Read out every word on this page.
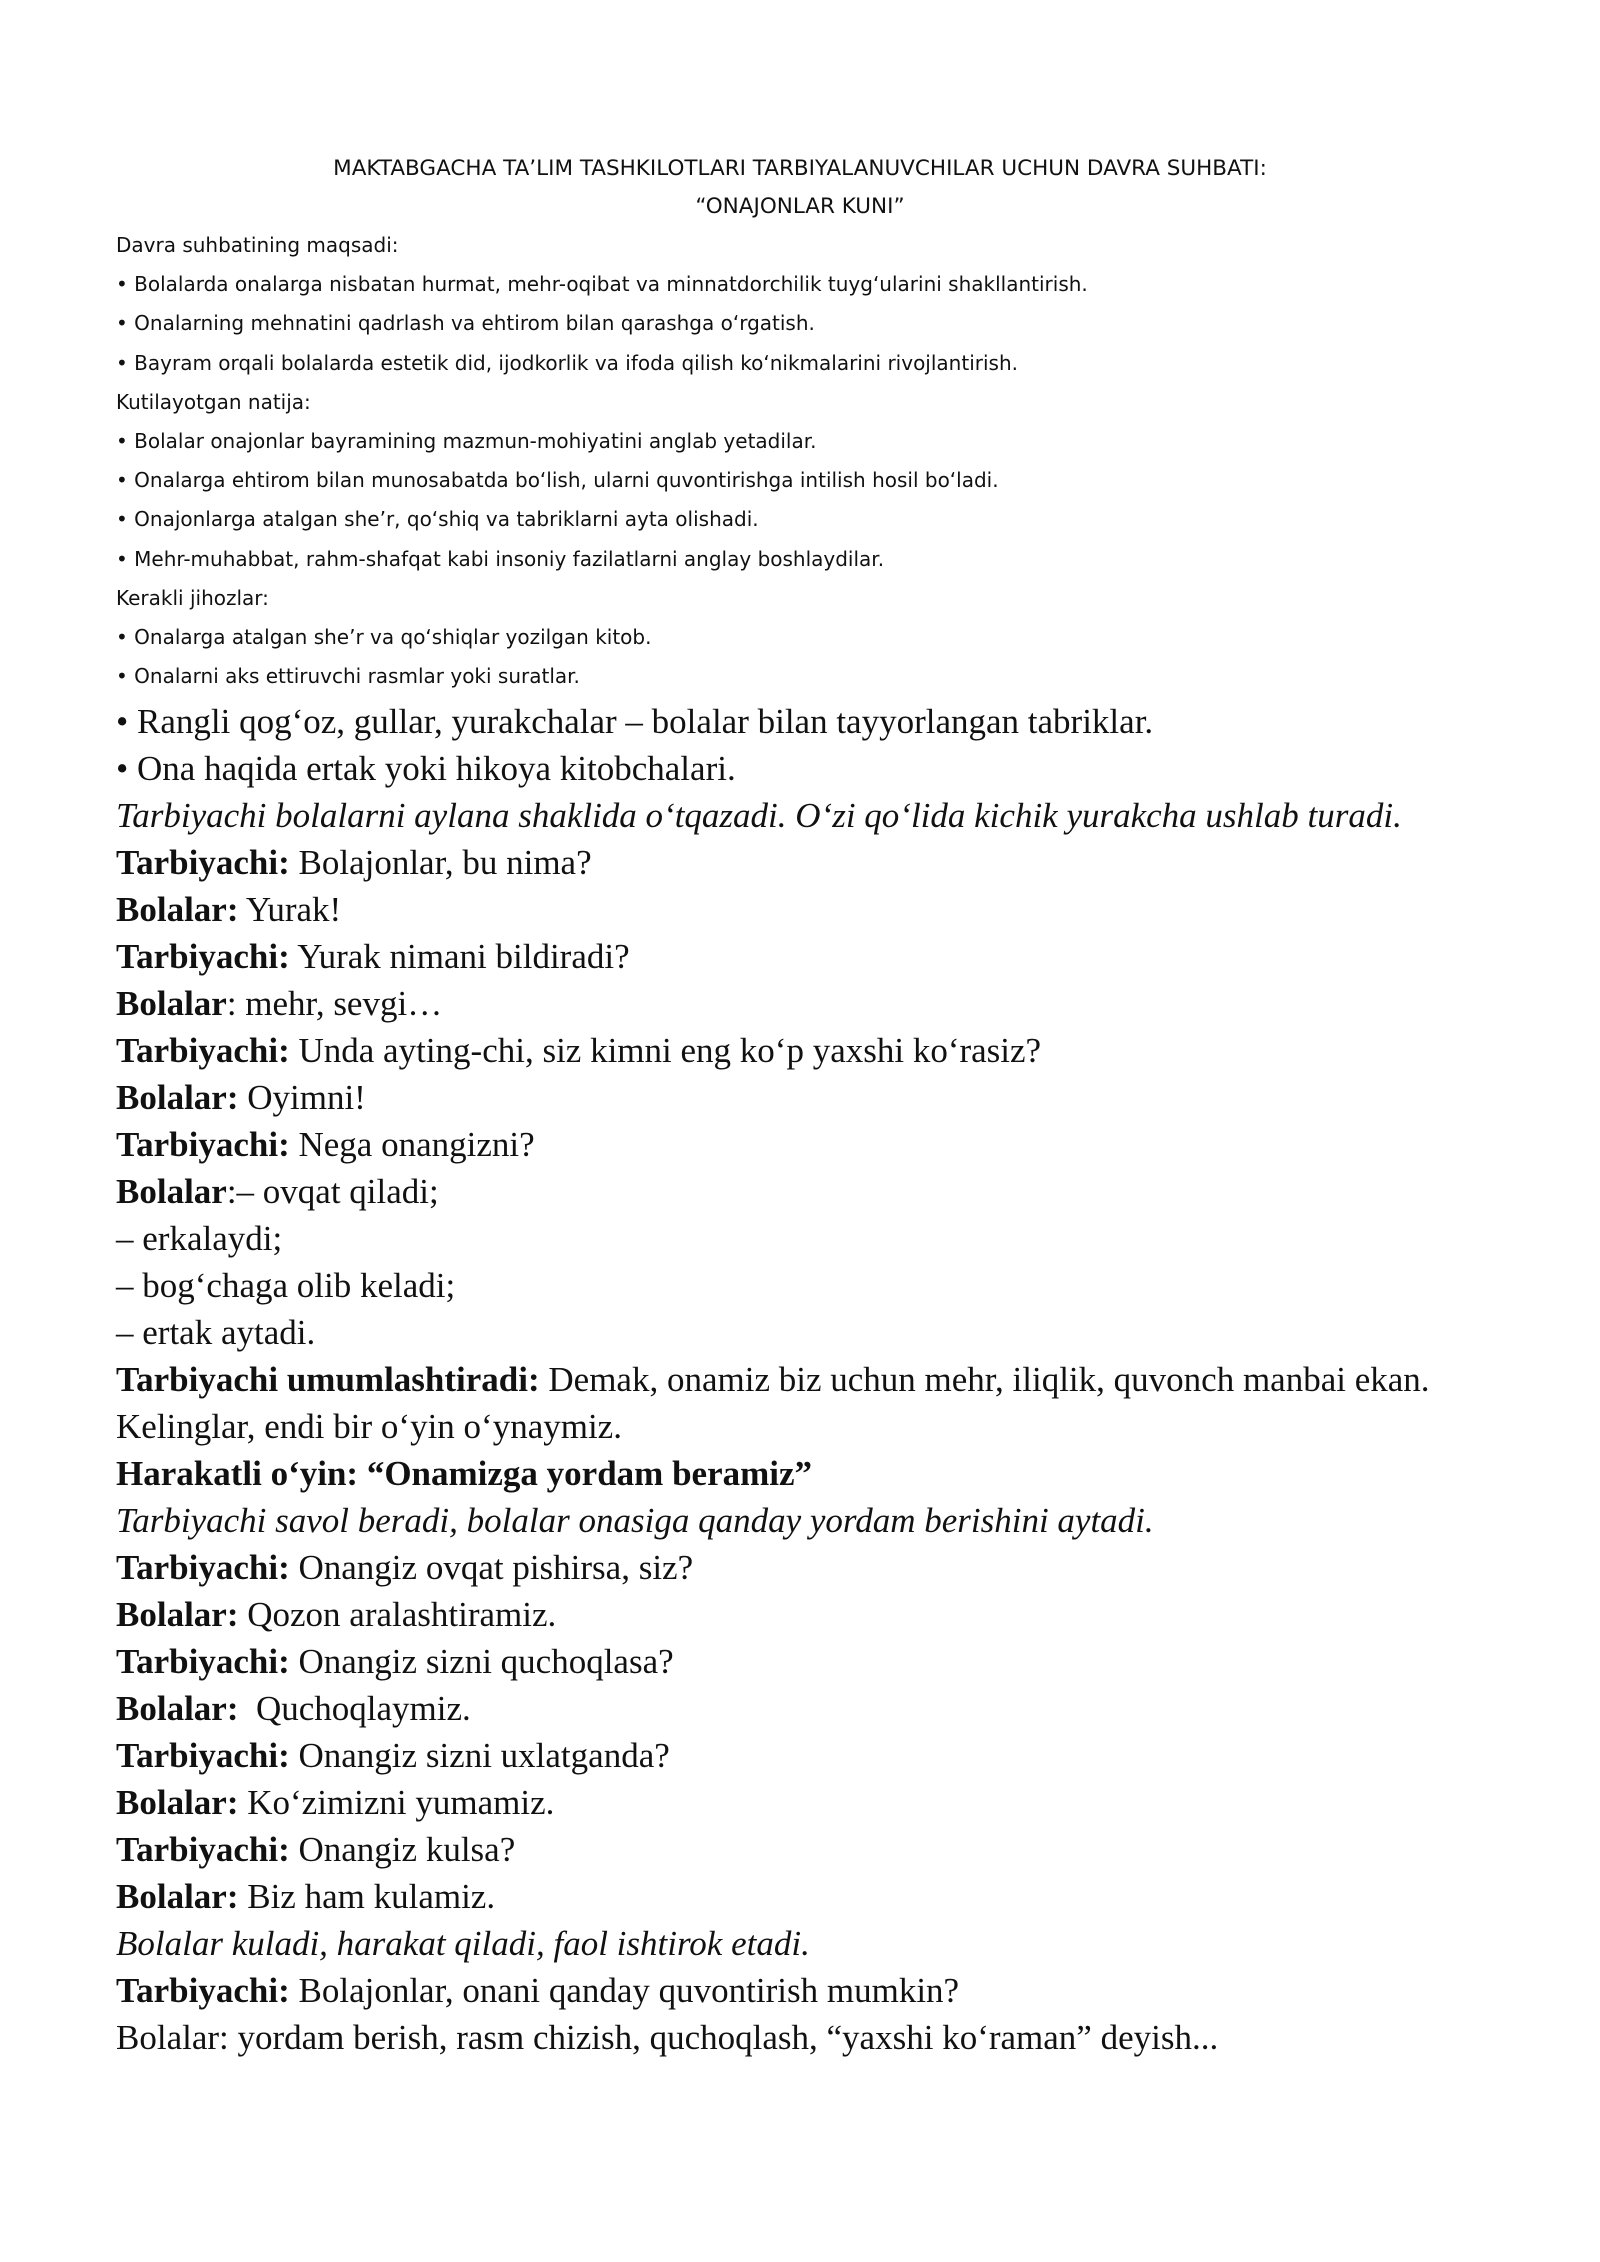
MAKTABGACHA TA’LIM TASHKILOTLARI TARBIYALANUVCHILAR UCHUN DAVRA SUHBATI:
“ONAJONLAR KUNI”
Davra suhbatining maqsadi:
• Bolalarda onalarga nisbatan hurmat, mehr-oqibat va minnatdorchilik tuyg‘ularini shakllantirish.
• Onalarning mehnatini qadrlash va ehtirom bilan qarashga o‘rgatish.
• Bayram orqali bolalarda estetik did, ijodkorlik va ifoda qilish ko‘nikmalarini rivojlantirish.
Kutilayotgan natija:
• Bolalar onajonlar bayramining mazmun-mohiyatini anglab yetadilar.
• Onalarga ehtirom bilan munosabatda bo‘lish, ularni quvontirishga intilish hosil bo‘ladi.
• Onajonlarga atalgan she’r, qo‘shiq va tabriklarni ayta olishadi.
• Mehr-muhabbat, rahm-shafqat kabi insoniy fazilatlarni anglay boshlaydilar.
Kerakli jihozlar:
• Onalarga atalgan she’r va qo‘shiqlar yozilgan kitob.
• Onalarni aks ettiruvchi rasmlar yoki suratlar.
• Rangli qog‘oz, gullar, yurakchalar – bolalar bilan tayyorlangan tabriklar.
• Ona haqida ertak yoki hikoya kitobchalari.
Tarbiyachi bolalarni aylana shaklida o‘tqazadi. O‘zi qo‘lida kichik yurakcha ushlab turadi.
Tarbiyachi: Bolajonlar, bu nima?
Bolalar: Yurak!
Tarbiyachi: Yurak nimani bildiradi?
Bolalar: mehr, sevgi…
Tarbiyachi: Unda ayting-chi, siz kimni eng ko‘p yaxshi ko‘rasiz?
Bolalar: Oyimni!
Tarbiyachi: Nega onangizni?
Bolalar:– ovqat qiladi;
– erkalaydi;
– bog‘chaga olib keladi;
– ertak aytadi.
Tarbiyachi umumlashtiradi: Demak, onamiz biz uchun mehr, iliqlik, quvonch manbai ekan. Kelinglar, endi bir o‘yin o‘ynaymiz.
Harakatli o‘yin: “Onamizga yordam beramiz”
Tarbiyachi savol beradi, bolalar onasiga qanday yordam berishini aytadi.
Tarbiyachi: Onangiz ovqat pishirsa, siz?
Bolalar: Qozon aralashtiramiz.
Tarbiyachi: Onangiz sizni quchoqlasa?
Bolalar:  Quchoqlaymiz.
Tarbiyachi: Onangiz sizni uxlatganda?
Bolalar: Ko‘zimizni yumamiz.
Tarbiyachi: Onangiz kulsa?
Bolalar: Biz ham kulamiz.
Bolalar kuladi, harakat qiladi, faol ishtirok etadi.
Tarbiyachi: Bolajonlar, onani qanday quvontirish mumkin?
Bolalar: yordam berish, rasm chizish, quchoqlash, “yaxshi ko‘raman” deyish...
